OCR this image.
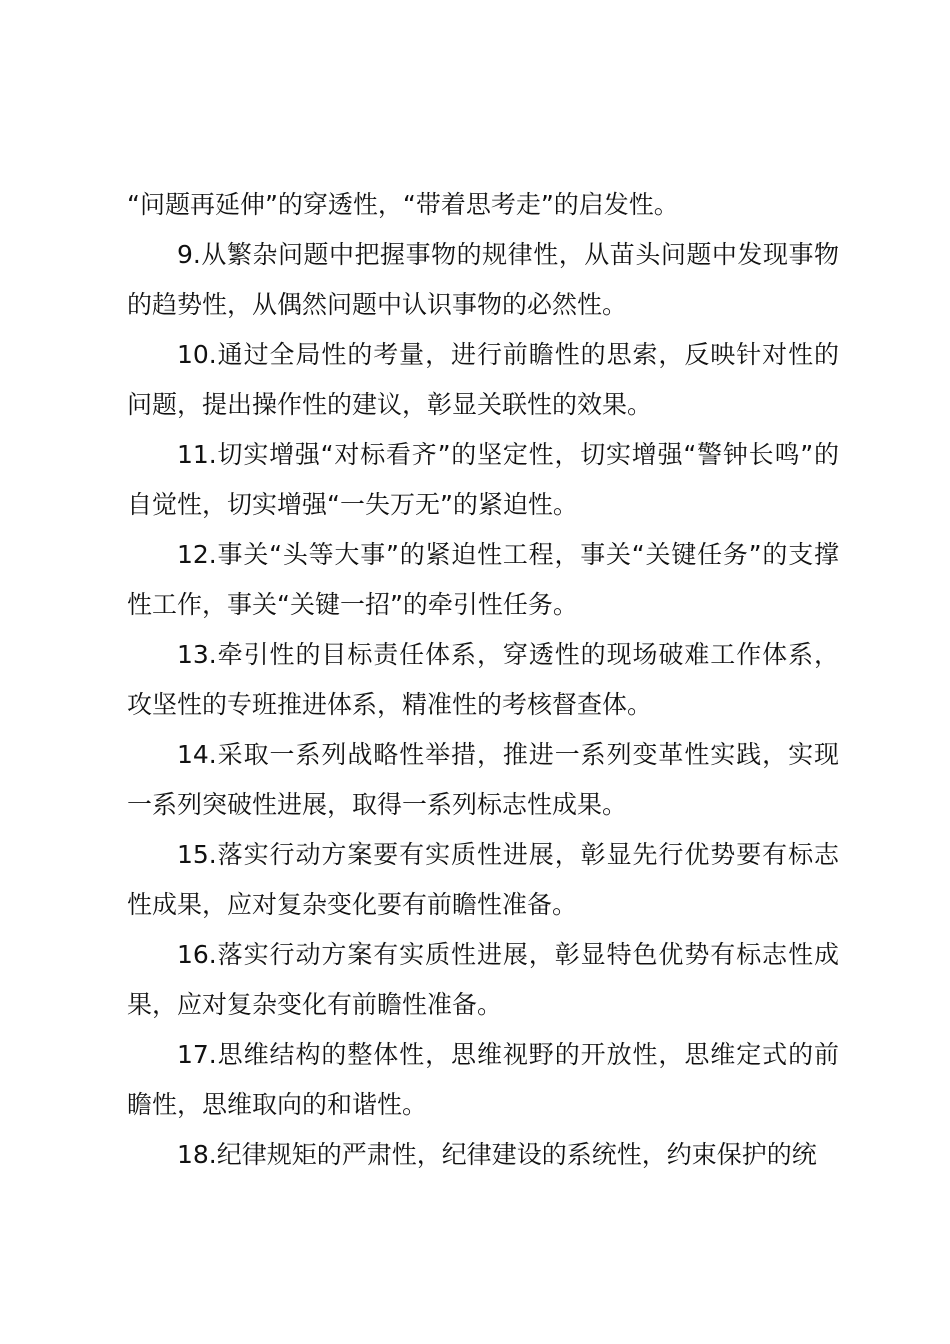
“问题再延伸”的穿透性，“带着思考走”的启发性。

9.从繁杂问题中把握事物的规律性，从苗头问题中发现事物的趋势性，从偶然问题中认识事物的必然性。

10.通过全局性的考量，进行前瞻性的思索，反映针对性的问题，提出操作性的建议，彰显关联性的效果。

11.切实增强“对标看齐”的坚定性，切实增强“警钟长鸣”的自觉性，切实增强“一失万无”的紧迫性。

12.事关“头等大事”的紧迫性工程，事关“关键任务”的支撑性工作，事关“关键一招”的牵引性任务。

13.牵引性的目标责任体系，穿透性的现场破难工作体系，攻坚性的专班推进体系，精准性的考核督查体。

14.采取一系列战略性举措，推进一系列变革性实践，实现一系列突破性进展，取得一系列标志性成果。

15.落实行动方案要有实质性进展，彰显先行优势要有标志性成果，应对复杂变化要有前瞻性准备。

16.落实行动方案有实质性进展，彰显特色优势有标志性成果，应对复杂变化有前瞻性准备。

17.思维结构的整体性，思维视野的开放性，思维定式的前瞻性，思维取向的和谐性。

18.纪律规矩的严肃性，纪律建设的系统性，约束保护的统
